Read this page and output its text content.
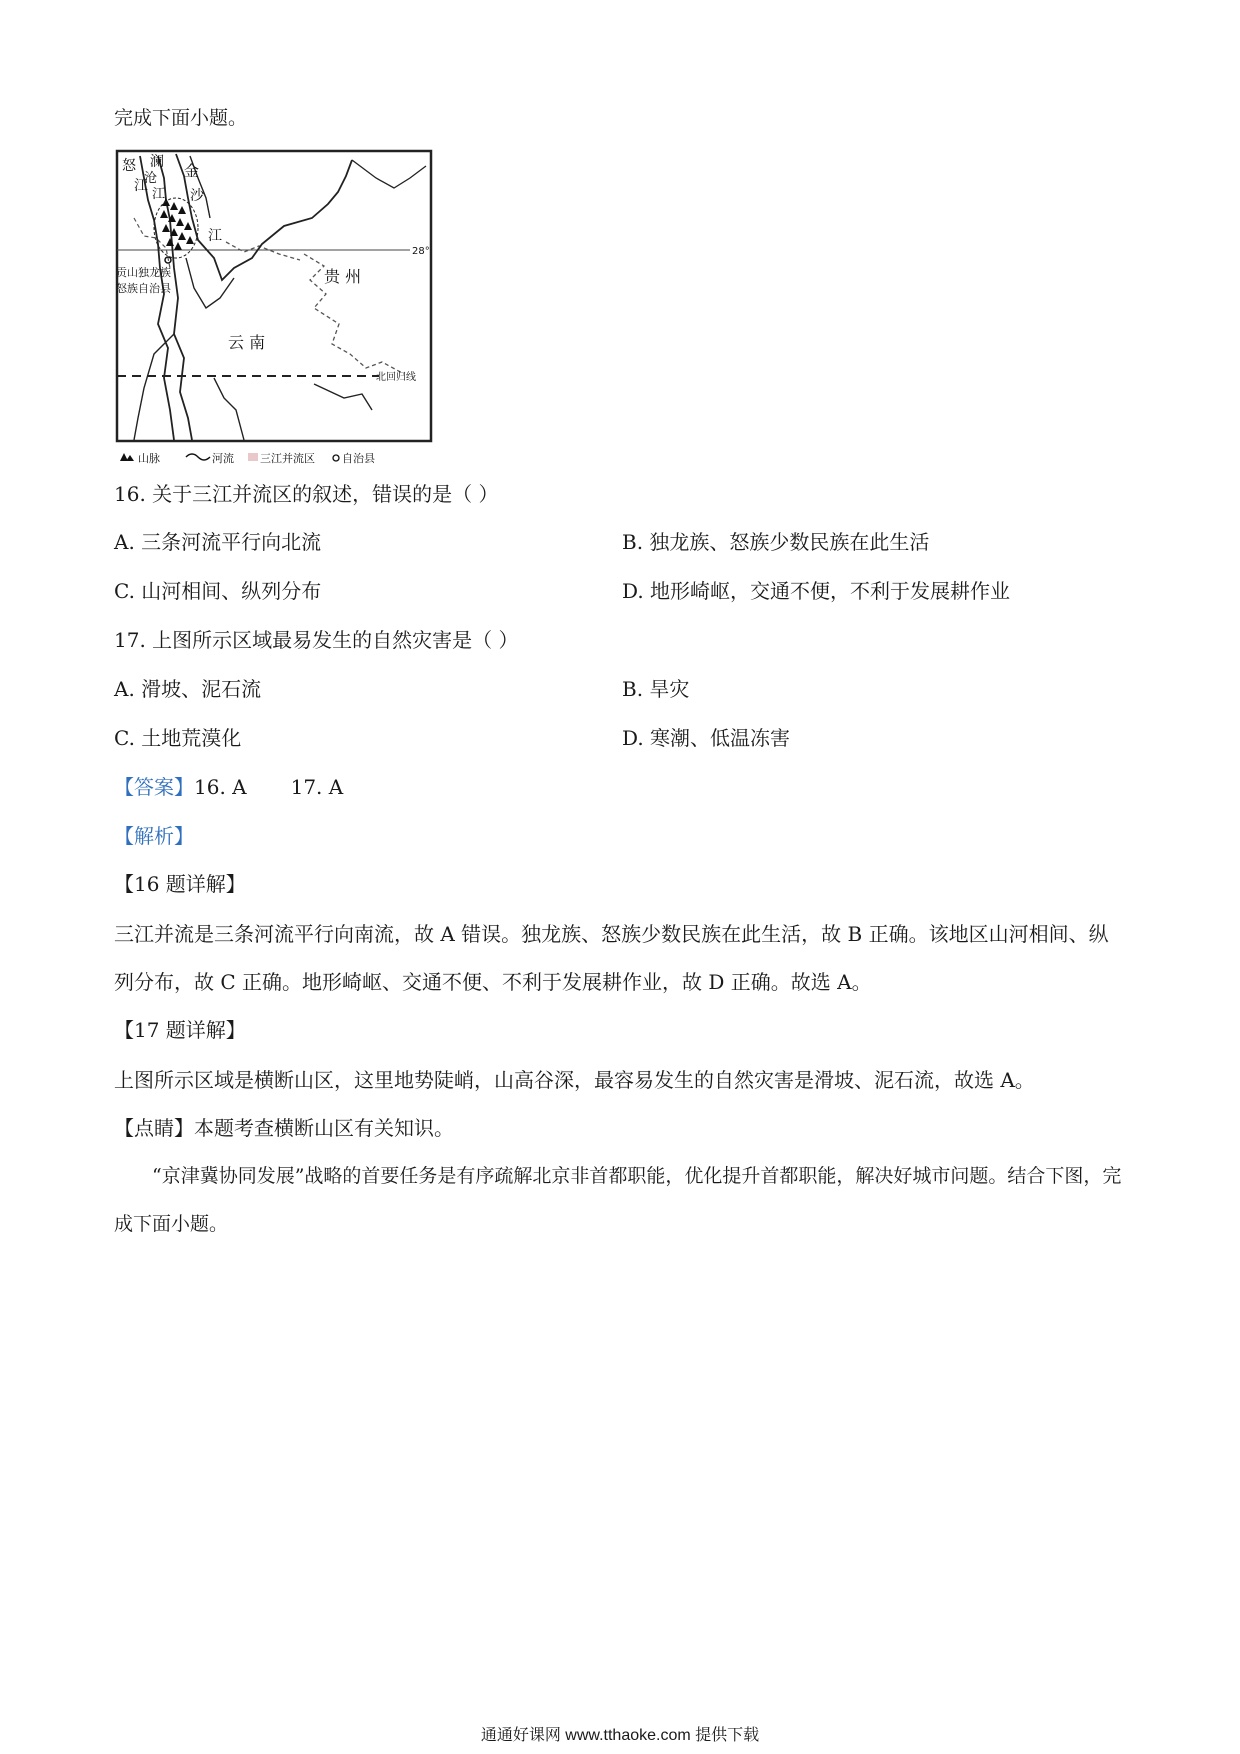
完成下面小题。
怒
江
澜
沧
江
金
沙
江
贡山独龙族
怒族自治县
贵 州
云 南
28°
北回归线
山脉	河流 三江并流区 自治县
16. 关于三江并流区的叙述，错误的是（ ）
A. 三条河流平行向北流	B. 独龙族、怒族少数民族在此生活
C. 山河相间、纵列分布	D. 地形崎岖，交通不便，不利于发展耕作业
17. 上图所示区域最易发生的自然灾害是（ ）
A. 滑坡、泥石流	B. 旱灾
C. 土地荒漠化	D. 寒潮、低温冻害
【答案】16. A 17. A
【解析】
【16 题详解】
三江并流是三条河流平行向南流，故 A 错误。独龙族、怒族少数民族在此生活，故 B 正确。该地区山河相间、纵列分布，故 C 正确。地形崎岖、交通不便、不利于发展耕作业，故 D 正确。故选 A。
【17 题详解】
上图所示区域是横断山区，这里地势陡峭，山高谷深，最容易发生的自然灾害是滑坡、泥石流，故选 A。
【点睛】本题考查横断山区有关知识。
“京津冀协同发展”战略的首要任务是有序疏解北京非首都职能，优化提升首都职能，解决好城市问题。结合下图，完成下面小题。
通通好课网 www.tthaoke.com 提供下载
